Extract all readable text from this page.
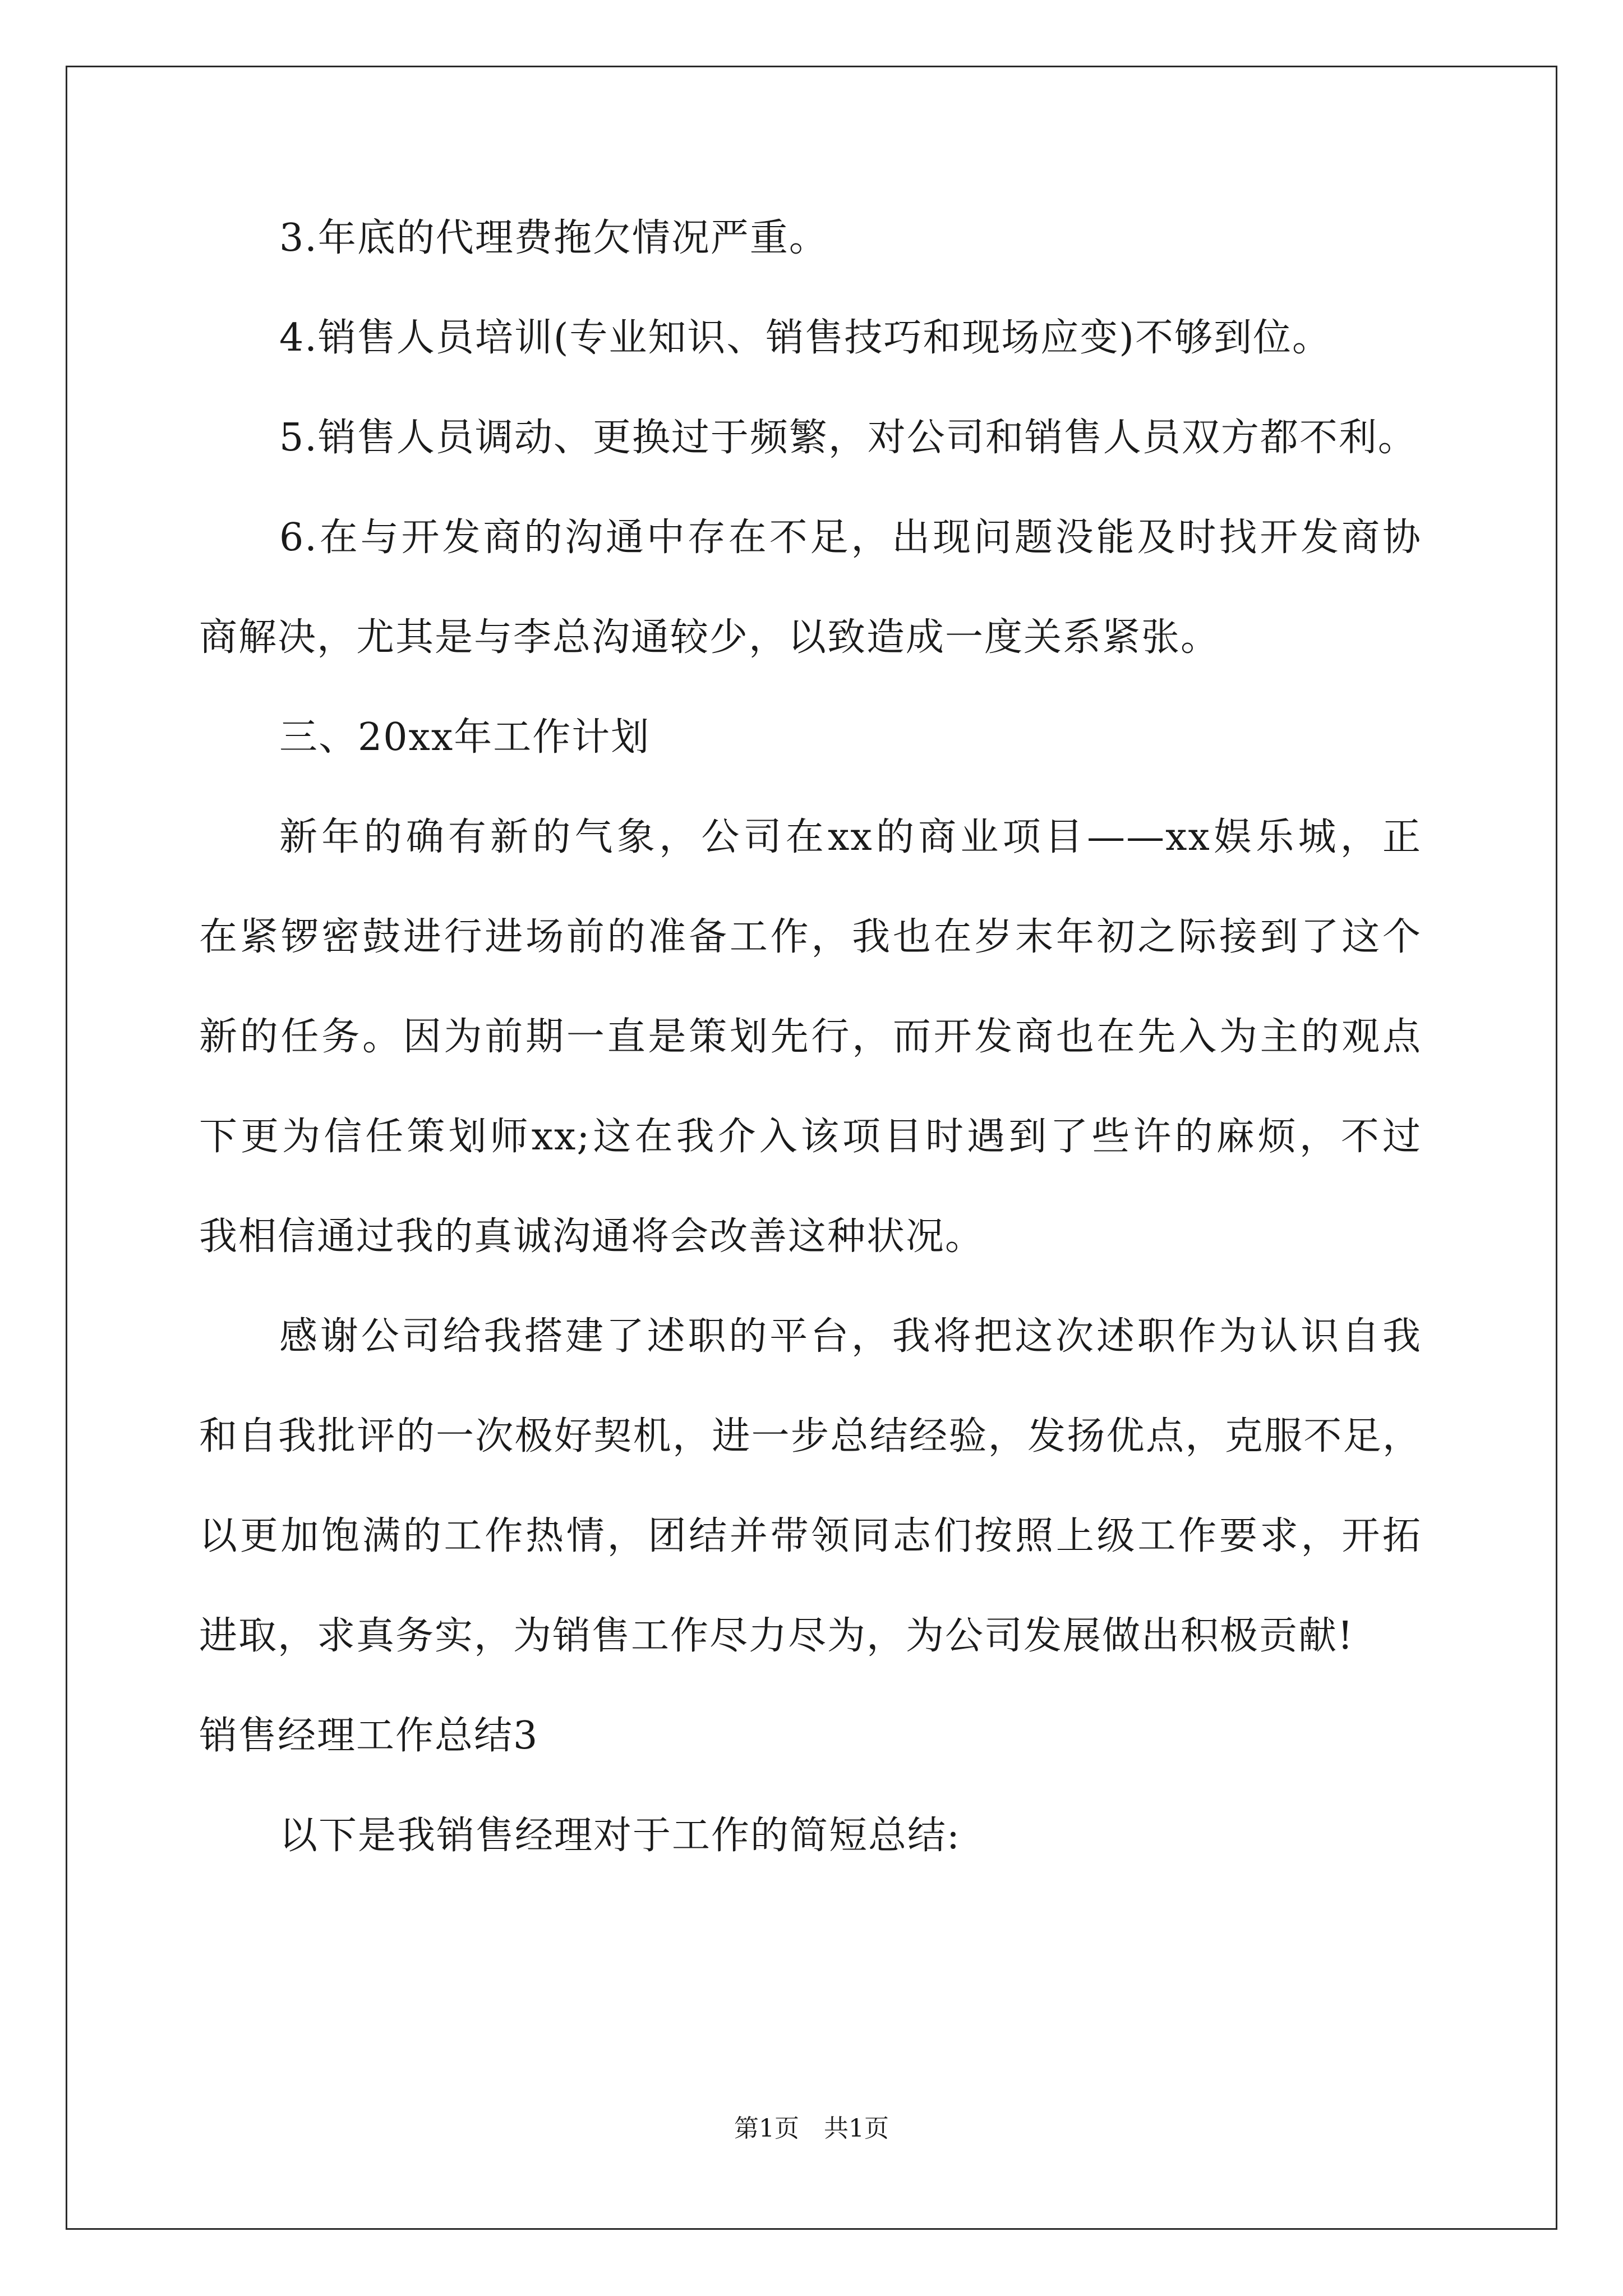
3.年底的代理费拖欠情况严重。
4.销售人员培训(专业知识、销售技巧和现场应变)不够到位。
5.销售人员调动、更换过于频繁，对公司和销售人员双方都不利。
6.在与开发商的沟通中存在不足，出现问题没能及时找开发商协
商解决，尤其是与李总沟通较少，以致造成一度关系紧张。
三、20xx年工作计划
新年的确有新的气象，公司在xx的商业项目——xx娱乐城，正
在紧锣密鼓进行进场前的准备工作，我也在岁末年初之际接到了这个
新的任务。因为前期一直是策划先行，而开发商也在先入为主的观点
下更为信任策划师xx;这在我介入该项目时遇到了些许的麻烦，不过
我相信通过我的真诚沟通将会改善这种状况。
感谢公司给我搭建了述职的平台，我将把这次述职作为认识自我
和自我批评的一次极好契机，进一步总结经验，发扬优点，克服不足，
以更加饱满的工作热情，团结并带领同志们按照上级工作要求，开拓
进取，求真务实，为销售工作尽力尽为，为公司发展做出积极贡献!
销售经理工作总结3
以下是我销售经理对于工作的简短总结:
第1页　共1页
